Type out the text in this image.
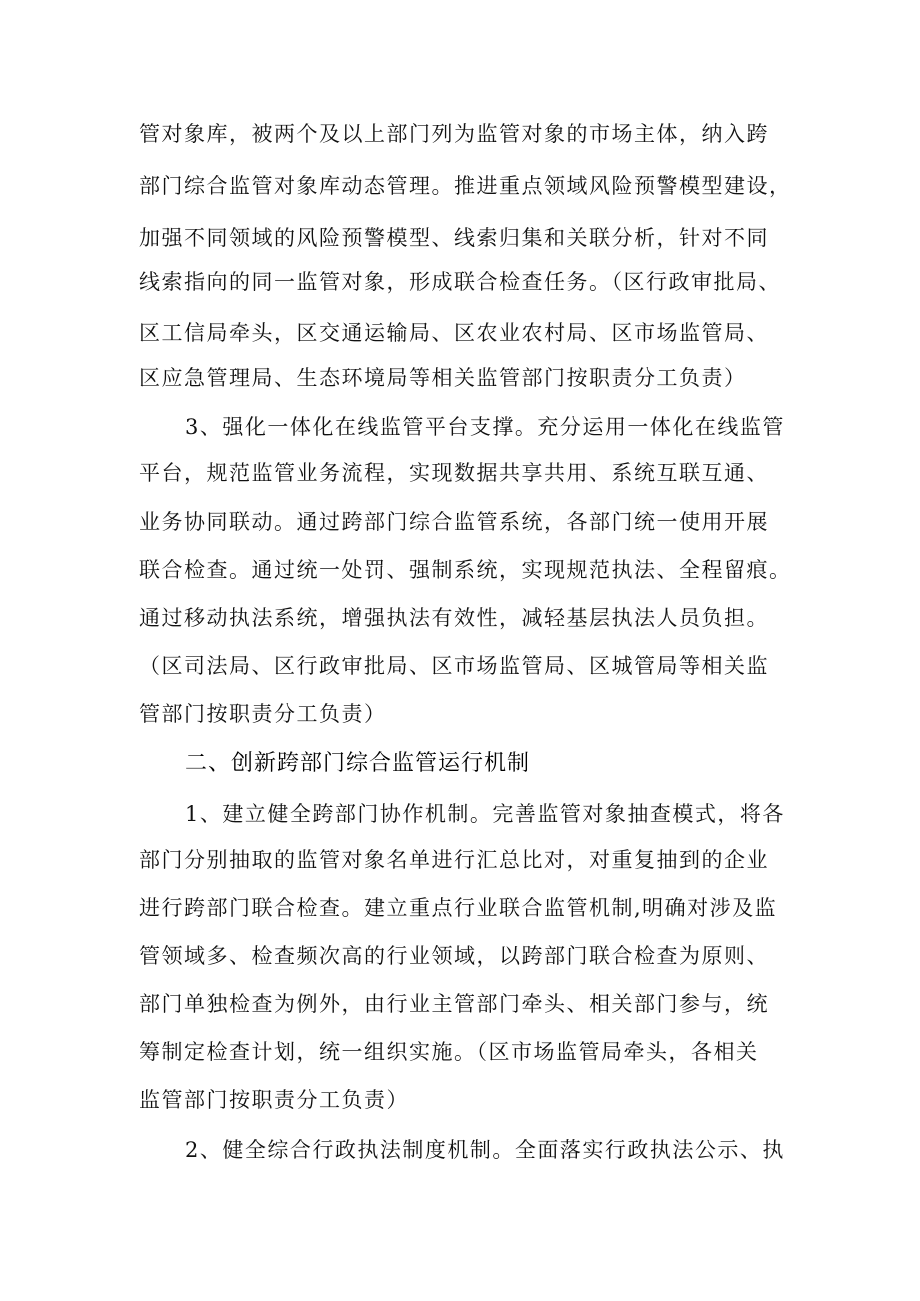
管对象库，被两个及以上部门列为监管对象的市场主体，纳入跨
部门综合监管对象库动态管理。推进重点领域风险预警模型建设，
加强不同领域的风险预警模型、线索归集和关联分析，针对不同
线索指向的同一监管对象，形成联合检查任务。（区行政审批局、
区工信局牵头，区交通运输局、区农业农村局、区市场监管局、
区应急管理局、生态环境局等相关监管部门按职责分工负责）
3、强化一体化在线监管平台支撑。充分运用一体化在线监管
平台，规范监管业务流程，实现数据共享共用、系统互联互通、
业务协同联动。通过跨部门综合监管系统，各部门统一使用开展
联合检查。通过统一处罚、强制系统，实现规范执法、全程留痕。
通过移动执法系统，增强执法有效性，减轻基层执法人员负担。
（区司法局、区行政审批局、区市场监管局、区城管局等相关监
管部门按职责分工负责）
二、创新跨部门综合监管运行机制
1、建立健全跨部门协作机制。完善监管对象抽查模式，将各
部门分别抽取的监管对象名单进行汇总比对，对重复抽到的企业
进行跨部门联合检查。建立重点行业联合监管机制,明确对涉及监
管领域多、检查频次高的行业领域，以跨部门联合检查为原则、
部门单独检查为例外，由行业主管部门牵头、相关部门参与，统
筹制定检查计划，统一组织实施。（区市场监管局牵头，各相关
监管部门按职责分工负责）
2、健全综合行政执法制度机制。全面落实行政执法公示、执
